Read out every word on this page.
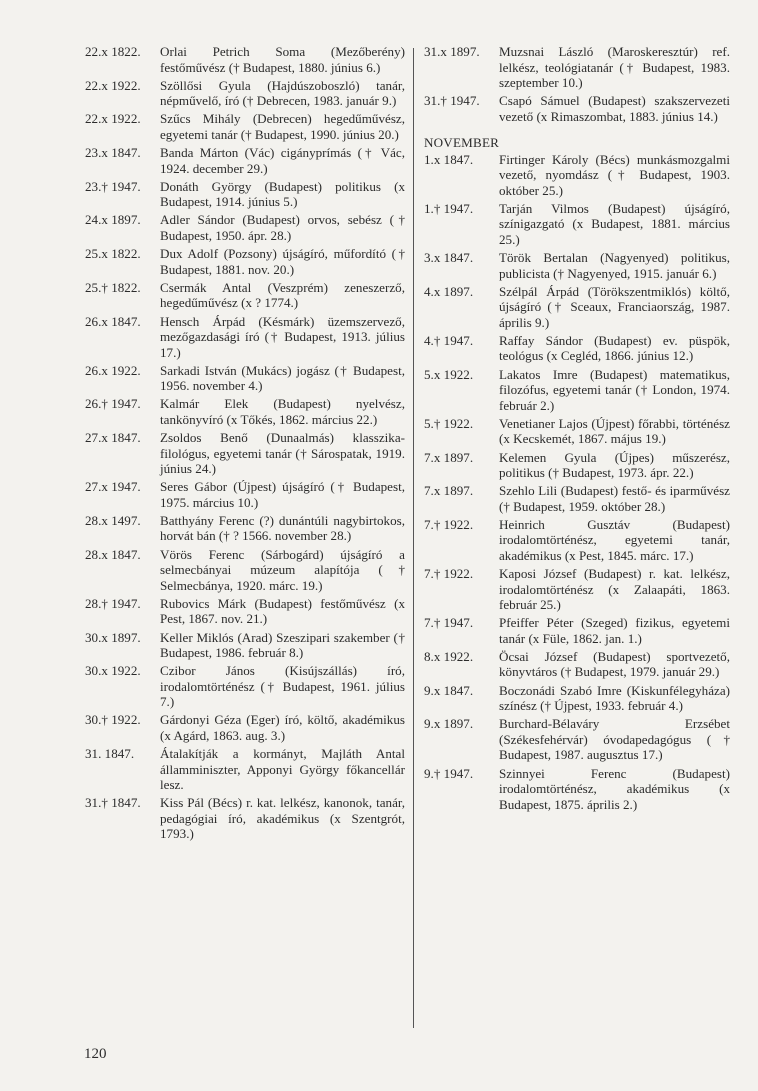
22.x 1822.	Orlai Petrich Soma (Mezőberény) festőművész († Budapest, 1880. június 6.)
22.x 1922.	Szöllősi Gyula (Hajdúszoboszló) tanár, népművelő, író († Debrecen, 1983. január 9.)
22.x 1922.	Szűcs Mihály (Debrecen) hegedűművész, egyetemi tanár († Budapest, 1990. június 20.)
23.x 1847.	Banda Márton (Vác) cigányprímás († Vác, 1924. december 29.)
23.† 1947.	Donáth György (Budapest) politikus (x Budapest, 1914. június 5.)
24.x 1897.	Adler Sándor (Budapest) orvos, sebész († Budapest, 1950. ápr. 28.)
25.x 1822.	Dux Adolf (Pozsony) újságíró, műfordító († Budapest, 1881. nov. 20.)
25.† 1822.	Csermák Antal (Veszprém) zeneszerző, hegedűművész (x ? 1774.)
26.x 1847.	Hensch Árpád (Késmárk) üzemszervező, mezőgazdasági író († Budapest, 1913. július 17.)
26.x 1922.	Sarkadi István (Mukács) jogász († Budapest, 1956. november 4.)
26.† 1947.	Kalmár Elek (Budapest) nyelvész, tankönyvíró (x Tőkés, 1862. március 22.)
27.x 1847.	Zsoldos Benő (Dunaalmás) klasszika-filológus, egyetemi tanár († Sárospatak, 1919. június 24.)
27.x 1947.	Seres Gábor (Újpest) újságíró († Budapest, 1975. március 10.)
28.x 1497.	Batthyány Ferenc (?) dunántúli nagybirtokos, horvát bán († ? 1566. november 28.)
28.x 1847.	Vörös Ferenc (Sárbogárd) újságíró a selmecbányai múzeum alapítója († Selmecbánya, 1920. márc. 19.)
28.† 1947.	Rubovics Márk (Budapest) festőművész (x Pest, 1867. nov. 21.)
30.x 1897.	Keller Miklós (Arad) Szeszipari szakember († Budapest, 1986. február 8.)
30.x 1922.	Czibor János (Kisújszállás) író, irodalomtörténész († Budapest, 1961. július 7.)
30.† 1922.	Gárdonyi Géza (Eger) író, költő, akadémikus (x Agárd, 1863. aug. 3.)
31. 1847.	Átalakítják a kormányt, Majláth Antal államminiszter, Apponyi György főkancellár lesz.
31.† 1847.	Kiss Pál (Bécs) r. kat. lelkész, kanonok, tanár, pedagógiai író, akadémikus (x Szentgrót, 1793.)
31.x 1897.	Muzsnai László (Maroskeresztúr) ref. lelkész, teológiatanár († Budapest, 1983. szeptember 10.)
31.† 1947.	Csapó Sámuel (Budapest) szakszervezeti vezető (x Rimaszombat, 1883. június 14.)
NOVEMBER
1.x 1847.	Firtinger Károly (Bécs) munkásmozgalmi vezető, nyomdász († Budapest, 1903. október 25.)
1.† 1947.	Tarján Vilmos (Budapest) újságíró, színigazgató (x Budapest, 1881. március 25.)
3.x 1847.	Török Bertalan (Nagyenyed) politikus, publicista († Nagyenyed, 1915. január 6.)
4.x 1897.	Szélpál Árpád (Törökszentmiklós) költő, újságíró († Sceaux, Franciaország, 1987. április 9.)
4.† 1947.	Raffay Sándor (Budapest) ev. püspök, teológus (x Cegléd, 1866. június 12.)
5.x 1922.	Lakatos Imre (Budapest) matematikus, filozófus, egyetemi tanár († London, 1974. február 2.)
5.† 1922.	Venetianer Lajos (Újpest) főrabbi, történész (x Kecskemét, 1867. május 19.)
7.x 1897.	Kelemen Gyula (Újpes) műszerész, politikus († Budapest, 1973. ápr. 22.)
7.x 1897.	Szehlo Lili (Budapest) festő- és iparművész († Budapest, 1959. október 28.)
7.† 1922.	Heinrich Gusztáv (Budapest) irodalomtörténész, egyetemi tanár, akadémikus (x Pest, 1845. márc. 17.)
7.† 1922.	Kaposi József (Budapest) r. kat. lelkész, irodalomtörténész (x Zalaapáti, 1863. február 25.)
7.† 1947.	Pfeiffer Péter (Szeged) fizikus, egyetemi tanár (x Füle, 1862. jan. 1.)
8.x 1922.	Öcsai József (Budapest) sportvezető, könyvtáros († Budapest, 1979. január 29.)
9.x 1847.	Boczonádi Szabó Imre (Kiskunfélegyháza) színész († Újpest, 1933. február 4.)
9.x 1897.	Burchard-Bélaváry Erzsébet (Székesfehérvár) óvodapedagógus († Budapest, 1987. augusztus 17.)
9.† 1947.	Szinnyei Ferenc (Budapest) irodalomtörténész, akadémikus (x Budapest, 1875. április 2.)
120
